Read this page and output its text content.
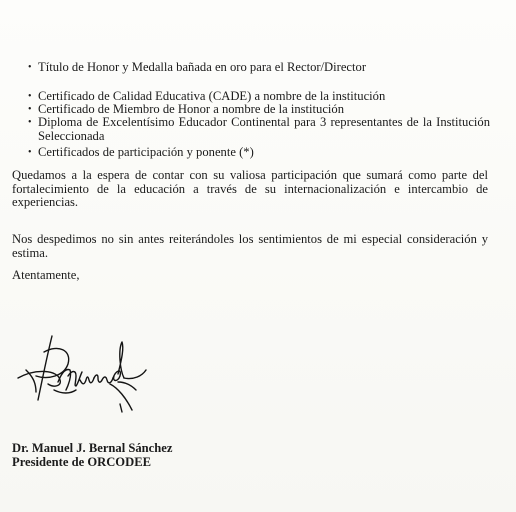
• Título de Honor y Medalla bañada en oro para el Rector/Director
• Certificado de Calidad Educativa (CADE) a nombre de la institución
• Certificado de Miembro de Honor a nombre de la institución
• Diploma de Excelentísimo Educador Continental para 3 representantes de la Institución Seleccionada
• Certificados de participación y ponente (*)

Quedamos a la espera de contar con su valiosa participación que sumará como parte del fortalecimiento de la educación a través de su internacionalización e intercambio de experiencias.

Nos despedimos no sin antes reiterándoles los sentimientos de mi especial consideración y estima.

Atentamente,

Dr. Manuel J. Bernal Sánchez
Presidente de ORCODEE
